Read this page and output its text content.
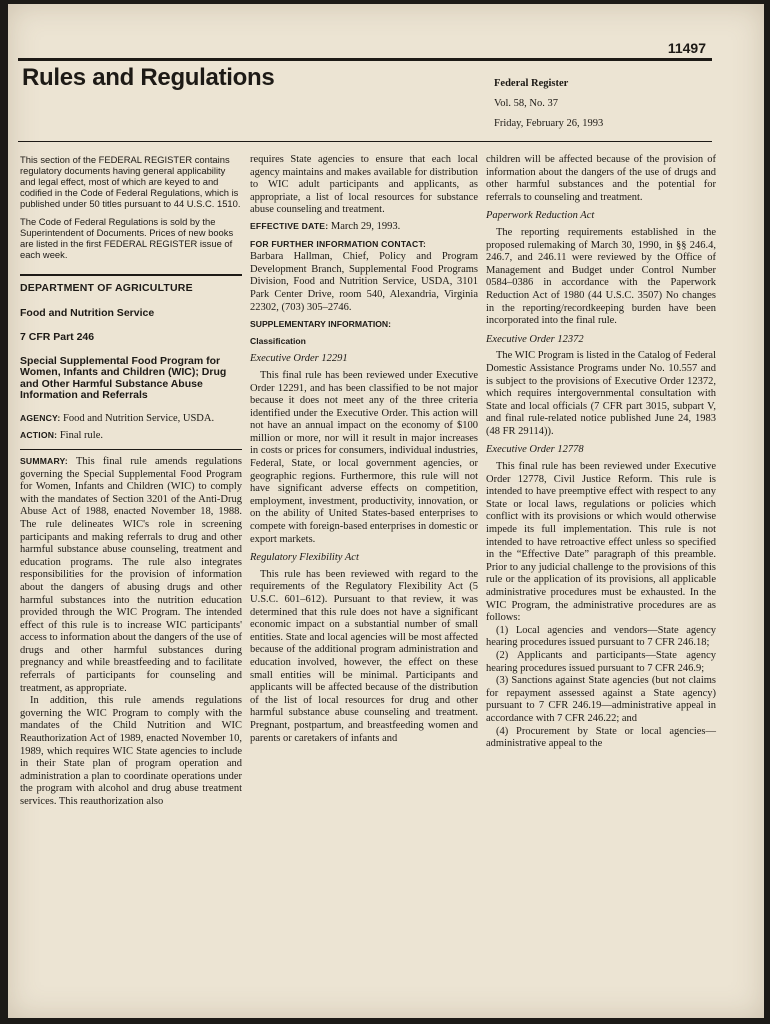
11497
Rules and Regulations	Federal Register
Vol. 58, No. 37
Friday, February 26, 1993

This section of the FEDERAL REGISTER contains regulatory documents having general applicability and legal effect, most of which are keyed to and codified in the Code of Federal Regulations, which is published under 50 titles pursuant to 44 U.S.C. 1510.

The Code of Federal Regulations is sold by the Superintendent of Documents. Prices of new books are listed in the first FEDERAL REGISTER issue of each week.

DEPARTMENT OF AGRICULTURE

Food and Nutrition Service

7 CFR Part 246

Special Supplemental Food Program for Women, Infants and Children (WIC); Drug and Other Harmful Substance Abuse Information and Referrals

AGENCY: Food and Nutrition Service, USDA.

ACTION: Final rule.

SUMMARY: This final rule amends regulations governing the Special Supplemental Food Program for Women, Infants and Children (WIC) to comply with the mandates of Section 3201 of the Anti-Drug Abuse Act of 1988, enacted November 18, 1988. The rule delineates WIC's role in screening participants and making referrals to drug and other harmful substance abuse counseling, treatment and education programs. The rule also integrates responsibilities for the provision of information about the dangers of abusing drugs and other harmful substances into the nutrition education provided through the WIC Program. The intended effect of this rule is to increase WIC participants' access to information about the dangers of the use of drugs and other harmful substances during pregnancy and while breastfeeding and to facilitate referrals of participants for counseling and treatment, as appropriate.

In addition, this rule amends regulations governing the WIC Program to comply with the mandates of the Child Nutrition and WIC Reauthorization Act of 1989, enacted November 10, 1989, which requires WIC State agencies to include in their State plan of program operation and administration a plan to coordinate operations under the program with alcohol and drug abuse treatment services. This reauthorization also

requires State agencies to ensure that each local agency maintains and makes available for distribution to WIC adult participants and applicants, as appropriate, a list of local resources for substance abuse counseling and treatment.

EFFECTIVE DATE: March 29, 1993.

FOR FURTHER INFORMATION CONTACT:
Barbara Hallman, Chief, Policy and Program Development Branch, Supplemental Food Programs Division, Food and Nutrition Service, USDA, 3101 Park Center Drive, room 540, Alexandria, Virginia 22302, (703) 305–2746.

SUPPLEMENTARY INFORMATION:

Classification

Executive Order 12291

This final rule has been reviewed under Executive Order 12291, and has been classified to be not major because it does not meet any of the three criteria identified under the Executive Order. This action will not have an annual impact on the economy of $100 million or more, nor will it result in major increases in costs or prices for consumers, individual industries, Federal, State, or local government agencies, or geographic regions. Furthermore, this rule will not have significant adverse effects on competition, employment, investment, productivity, innovation, or on the ability of United States-based enterprises to compete with foreign-based enterprises in domestic or export markets.

Regulatory Flexibility Act

This rule has been reviewed with regard to the requirements of the Regulatory Flexibility Act (5 U.S.C. 601–612). Pursuant to that review, it was determined that this rule does not have a significant economic impact on a substantial number of small entities. State and local agencies will be most affected because of the additional program administration and education involved, however, the effect on these small entities will be minimal. Participants and applicants will be affected because of the distribution of the list of local resources for drug and other harmful substance abuse counseling and treatment. Pregnant, postpartum, and breastfeeding women and parents or caretakers of infants and

children will be affected because of the provision of information about the dangers of the use of drugs and other harmful substances and the potential for referrals to counseling and treatment.

Paperwork Reduction Act

The reporting requirements established in the proposed rulemaking of March 30, 1990, in §§ 246.4, 246.7, and 246.11 were reviewed by the Office of Management and Budget under Control Number 0584–0386 in accordance with the Paperwork Reduction Act of 1980 (44 U.S.C. 3507) No changes in the reporting/recordkeeping burden have been incorporated into the final rule.

Executive Order 12372

The WIC Program is listed in the Catalog of Federal Domestic Assistance Programs under No. 10.557 and is subject to the provisions of Executive Order 12372, which requires intergovernmental consultation with State and local officials (7 CFR part 3015, subpart V, and final rule-related notice published June 24, 1983 (48 FR 29114)).

Executive Order 12778

This final rule has been reviewed under Executive Order 12778, Civil Justice Reform. This rule is intended to have preemptive effect with respect to any State or local laws, regulations or policies which conflict with its provisions or which would otherwise impede its full implementation. This rule is not intended to have retroactive effect unless so specified in the “Effective Date” paragraph of this preamble. Prior to any judicial challenge to the provisions of this rule or the application of its provisions, all applicable administrative procedures must be exhausted. In the WIC Program, the administrative procedures are as follows:

(1) Local agencies and vendors—State agency hearing procedures issued pursuant to 7 CFR 246.18;

(2) Applicants and participants—State agency hearing procedures issued pursuant to 7 CFR 246.9;

(3) Sanctions against State agencies (but not claims for repayment assessed against a State agency) pursuant to 7 CFR 246.19—administrative appeal in accordance with 7 CFR 246.22; and

(4) Procurement by State or local agencies—administrative appeal to the
